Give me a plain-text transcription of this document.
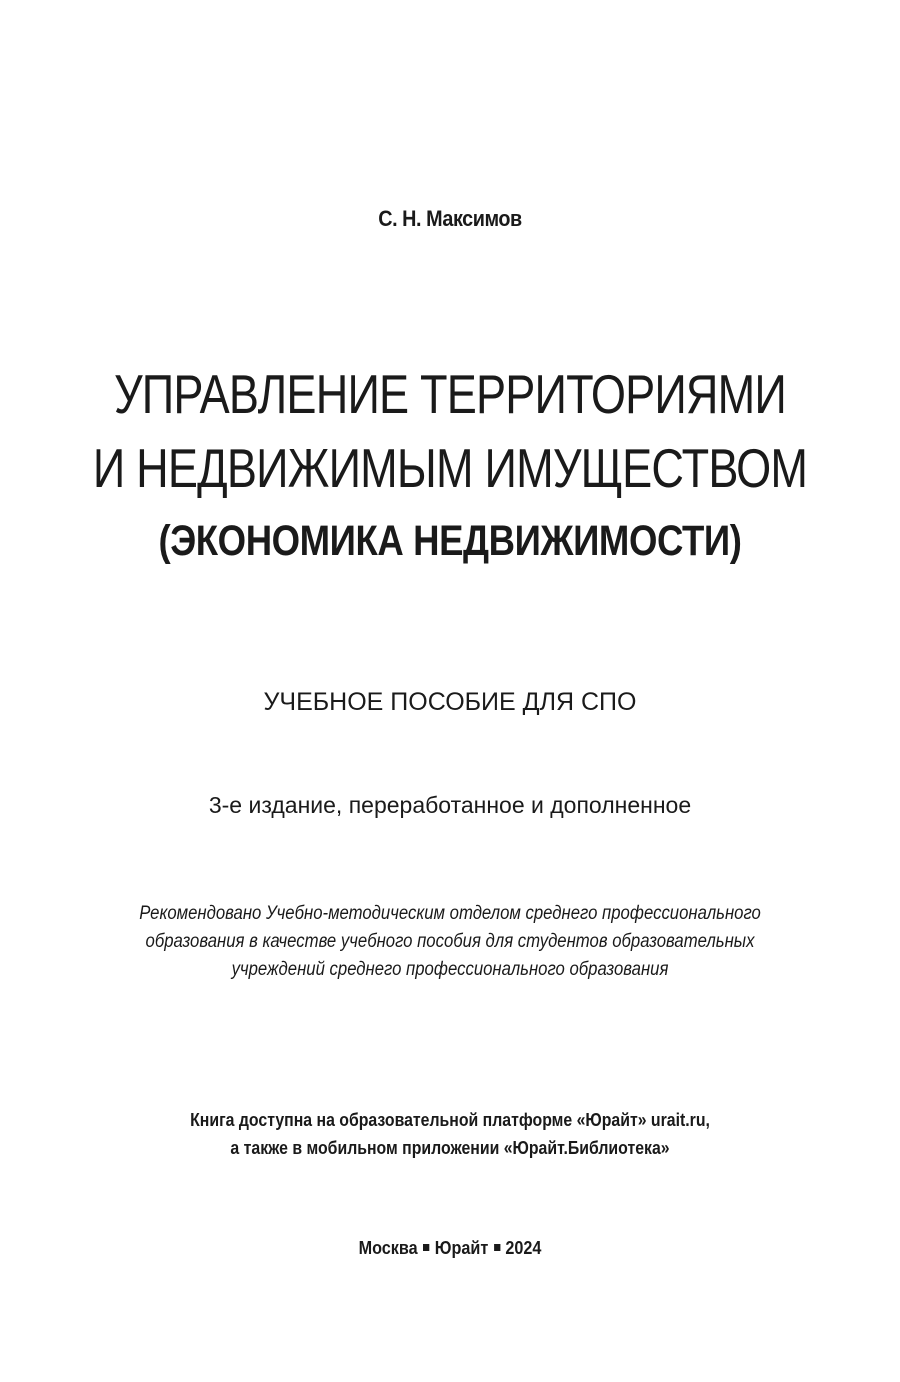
С. Н. Максимов

УПРАВЛЕНИЕ ТЕРРИТОРИЯМИ
И НЕДВИЖИМЫМ ИМУЩЕСТВОМ
(ЭКОНОМИКА НЕДВИЖИМОСТИ)

УЧЕБНОЕ ПОСОБИЕ ДЛЯ СПО

3-е издание, переработанное и дополненное

Рекомендовано Учебно-методическим отделом среднего профессионального

образования в качестве учебного пособия для студентов образовательных

учреждений среднего профессионального образования

Книга доступна на образовательной платформе «Юрайт» urait.ru,

а также в мобильном приложении «Юрайт.Библиотека»

Москва Юрайт 2024
